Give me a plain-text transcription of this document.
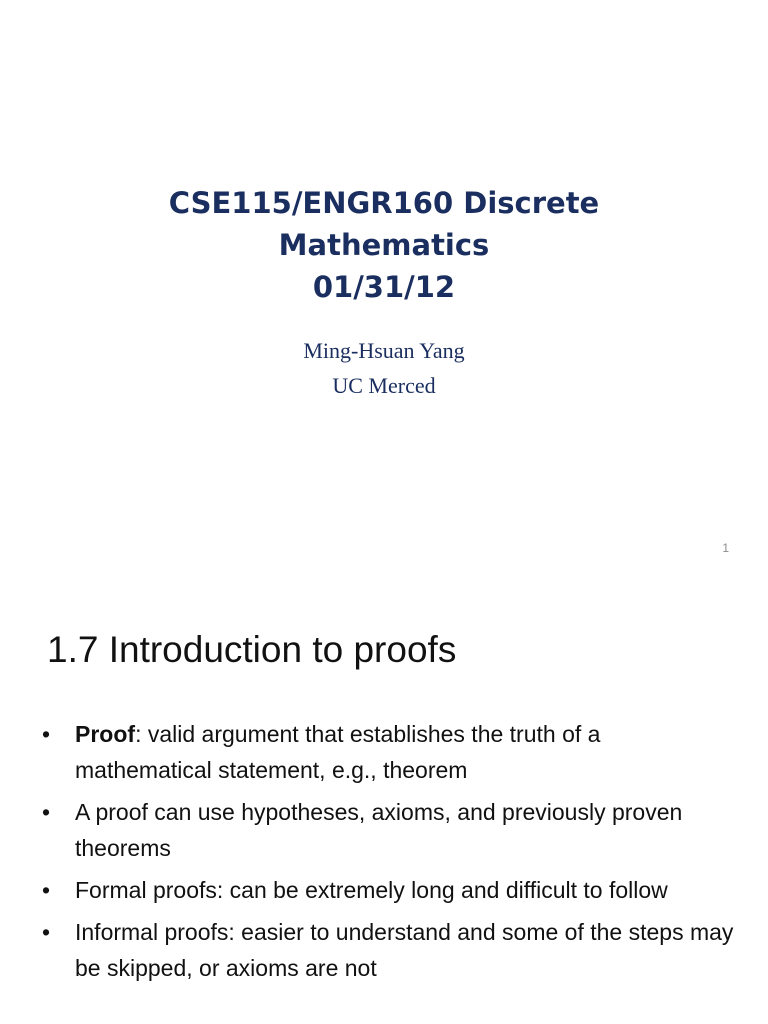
CSE115/ENGR160 Discrete
Mathematics
01/31/12
Ming-Hsuan Yang
UC Merced
1
1.7 Introduction to proofs
•	Proof: valid argument that establishes the truth of a mathematical statement, e.g., theorem
•	A proof can use hypotheses, axioms, and previously proven theorems
•	Formal proofs: can be extremely long and difficult to follow
•	Informal proofs: easier to understand and some of the steps may be skipped, or axioms are not
